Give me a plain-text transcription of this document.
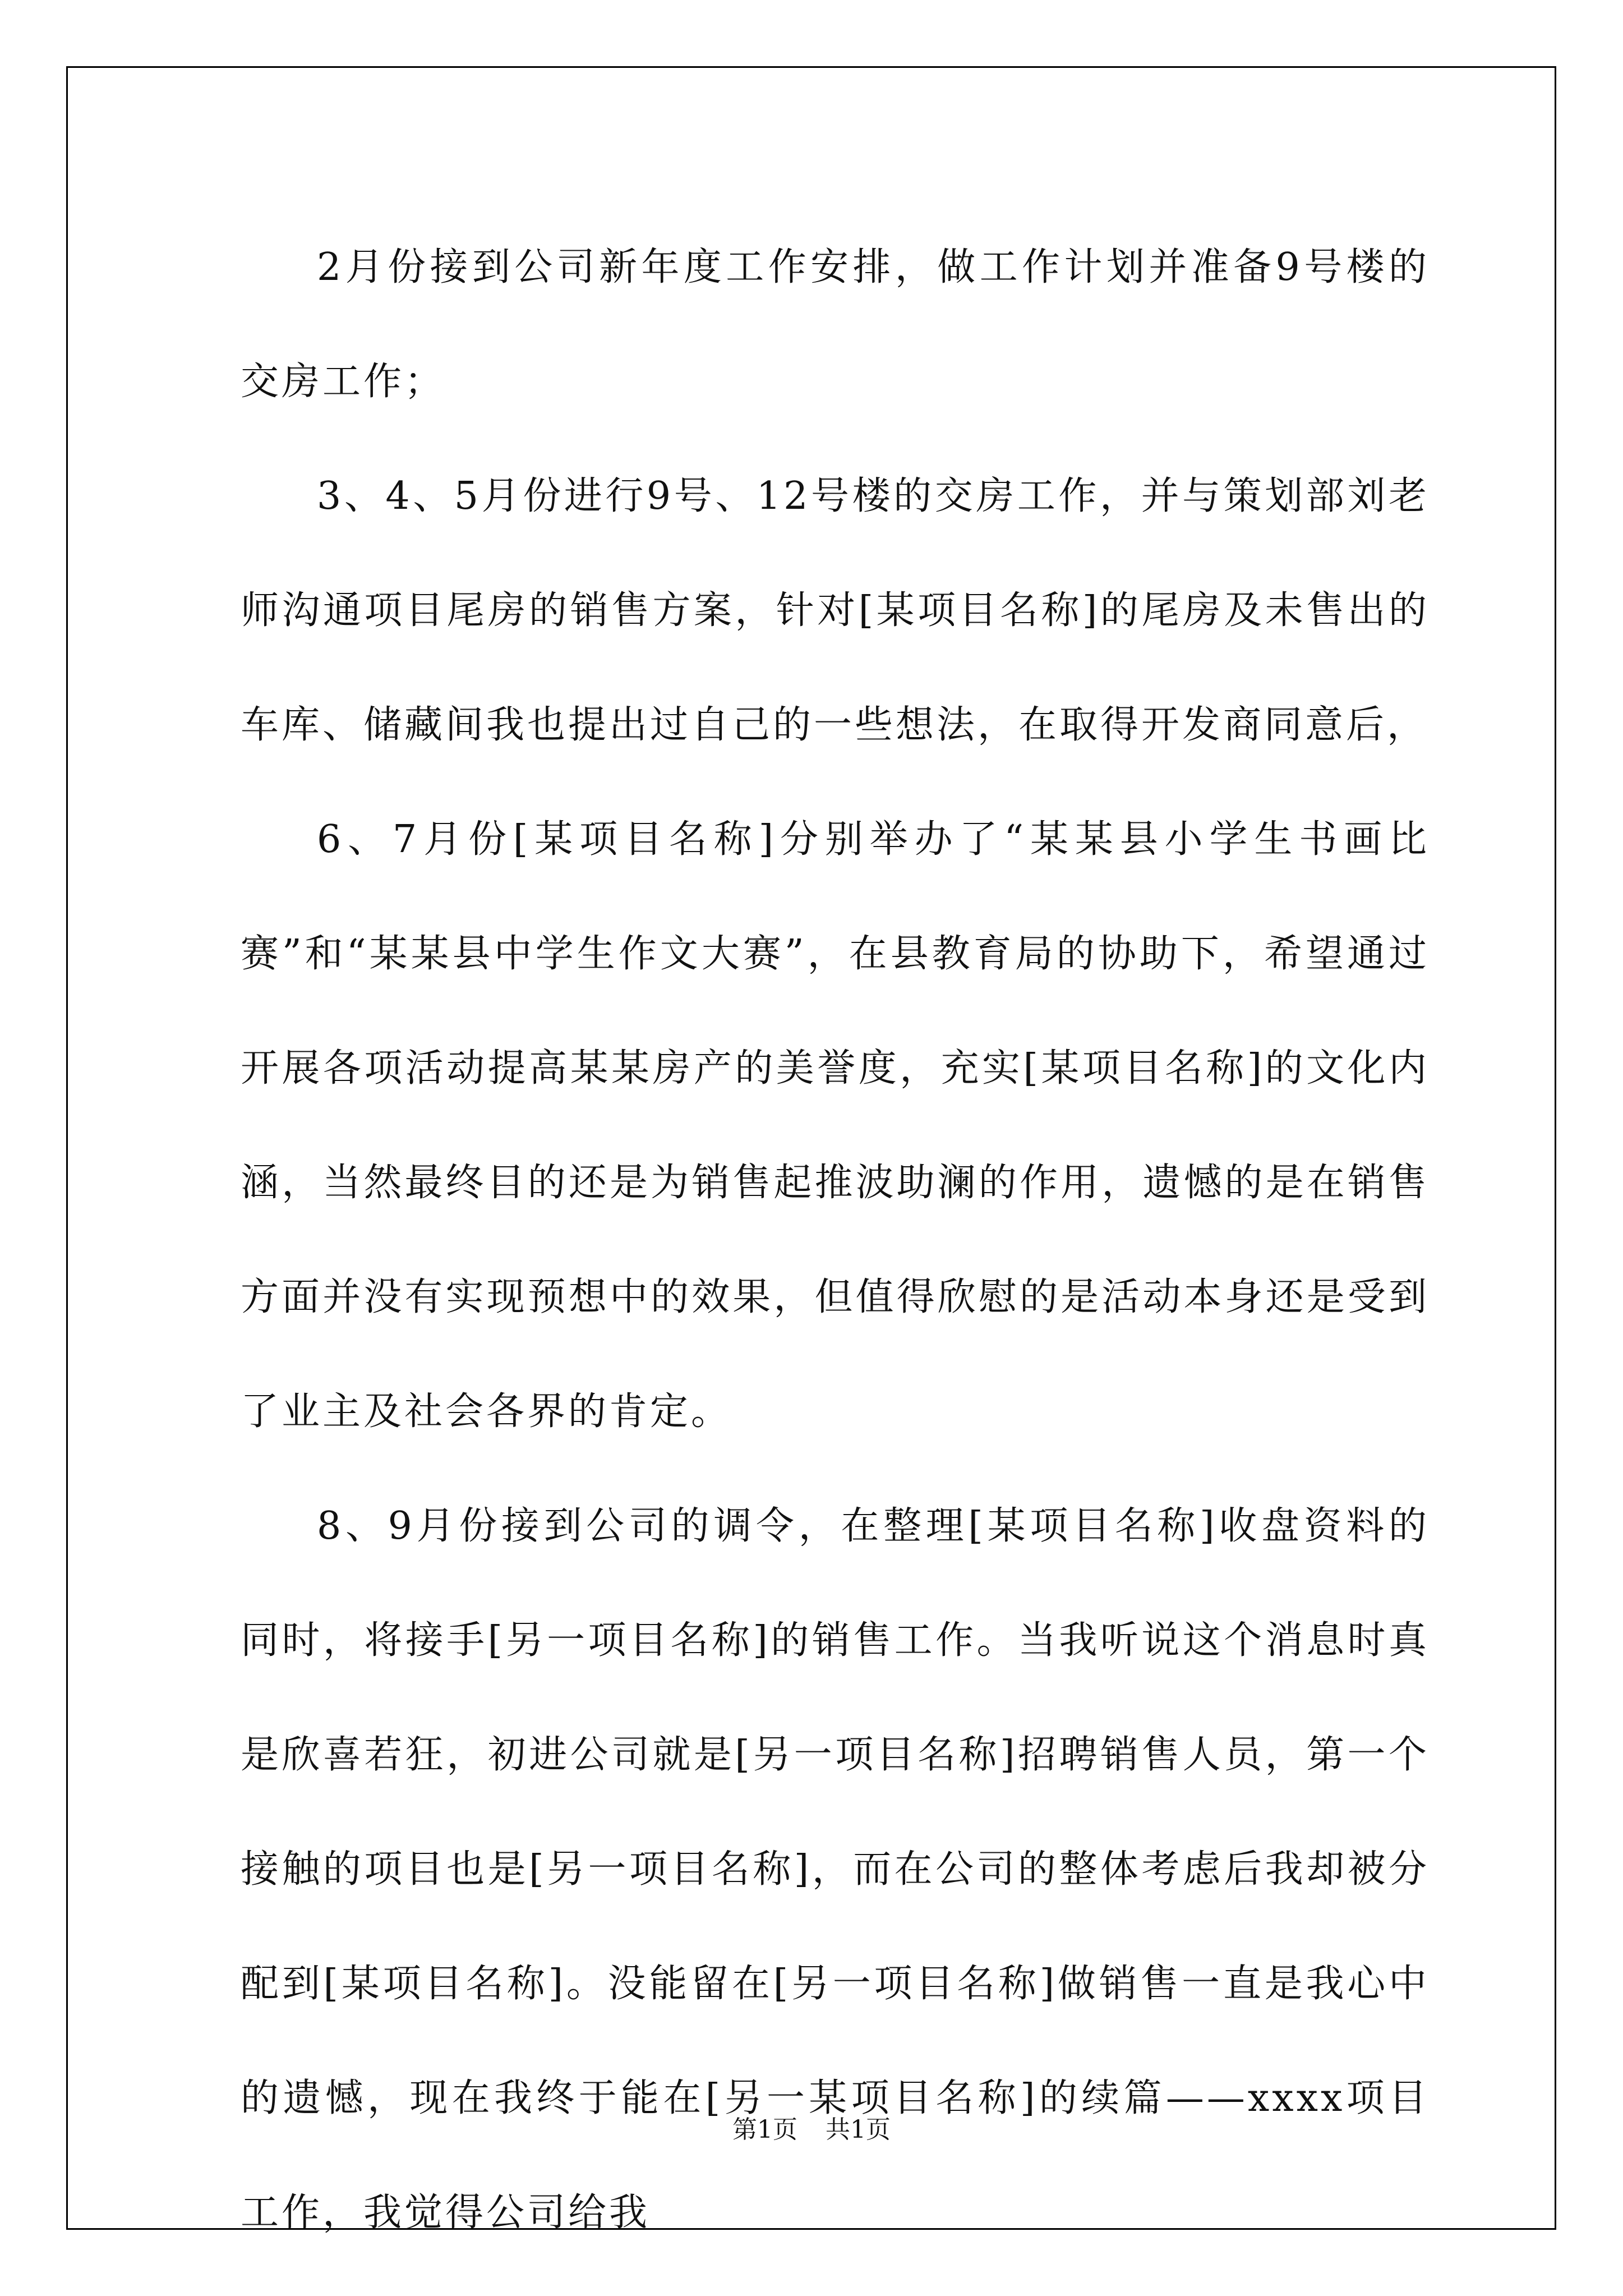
2月份接到公司新年度工作安排，做工作计划并准备9号楼的交房工作；

3、4、5月份进行9号、12号楼的交房工作，并与策划部刘老师沟通项目尾房的销售方案，针对[某项目名称]的尾房及未售出的车库、储藏间我也提出过自己的一些想法，在取得开发商同意后，

6、7月份[某项目名称]分别举办了“某某县小学生书画比赛”和“某某县中学生作文大赛”，在县教育局的协助下，希望通过开展各项活动提高某某房产的美誉度，充实[某项目名称]的文化内涵，当然最终目的还是为销售起推波助澜的作用，遗憾的是在销售方面并没有实现预想中的效果，但值得欣慰的是活动本身还是受到了业主及社会各界的肯定。

8、9月份接到公司的调令，在整理[某项目名称]收盘资料的同时，将接手[另一项目名称]的销售工作。当我听说这个消息时真是欣喜若狂，初进公司就是[另一项目名称]招聘销售人员，第一个接触的项目也是[另一项目名称]，而在公司的整体考虑后我却被分配到[某项目名称]。没能留在[另一项目名称]做销售一直是我心中的遗憾，现在我终于能在[另一某项目名称]的续篇——xxxx项目工作，我觉得公司给我

第1页 共1页
